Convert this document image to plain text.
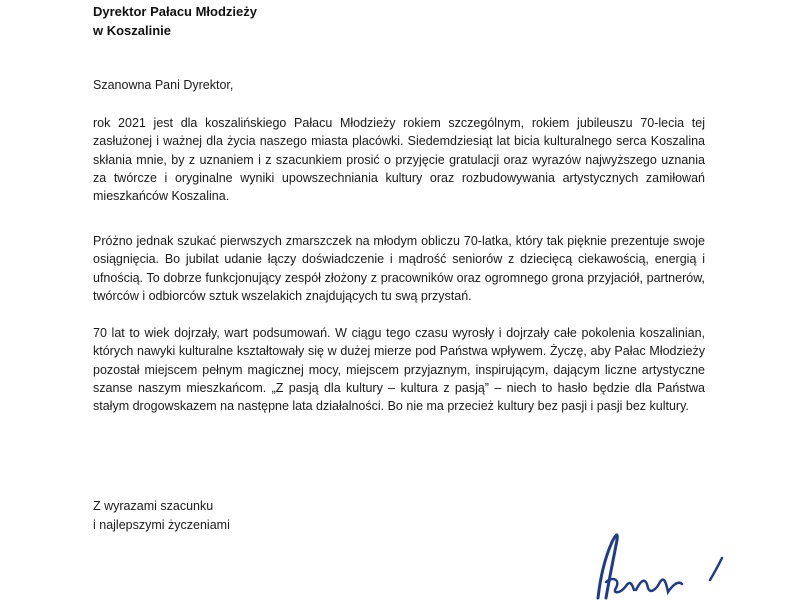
Dyrektor Pałacu Młodzieży
w Koszalinie
Szanowna Pani Dyrektor,
rok 2021 jest dla koszalińskiego Pałacu Młodzieży rokiem szczególnym, rokiem jubileuszu 70-lecia tej zasłużonej i ważnej dla życia naszego miasta placówki. Siedemdziesiąt lat bicia kulturalnego serca Koszalina skłania mnie, by z uznaniem i z szacunkiem prosić o przyjęcie gratulacji oraz wyrazów najwyższego uznania za twórcze i oryginalne wyniki upowszechniania kultury oraz rozbudowywania artystycznych zamiłowań mieszkańców Koszalina.
Próżno jednak szukać pierwszych zmarszczek na młodym obliczu 70-latka, który tak pięknie prezentuje swoje osiągnięcia. Bo jubilat udanie łączy doświadczenie i mądrość seniorów z dziecięcą ciekawością, energią i ufnością. To dobrze funkcjonujący zespół złożony z pracowników oraz ogromnego grona przyjaciół, partnerów, twórców i odbiorców sztuk wszelakich znajdujących tu swą przystań.
70 lat to wiek dojrzały, wart podsumowań. W ciągu tego czasu wyrosły i dojrzały całe pokolenia koszalinian, których nawyki kulturalne kształtowały się w dużej mierze pod Państwa wpływem. Życzę, aby Pałac Młodzieży pozostał miejscem pełnym magicznej mocy, miejscem przyjaznym, inspirującym, dającym liczne artystyczne szanse naszym mieszkańcom. „Z pasją dla kultury – kultura z pasją” – niech to hasło będzie dla Państwa stałym drogowskazem na następne lata działalności. Bo nie ma przecież kultury bez pasji i pasji bez kultury.
Z wyrazami szacunku
i najlepszymi życzeniami
